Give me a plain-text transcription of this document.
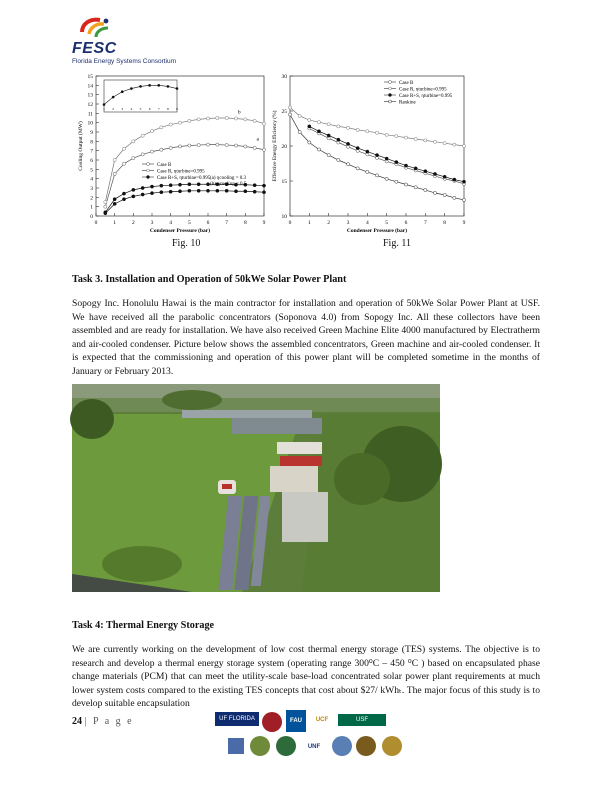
FESC
Florida Energy Systems Consortium
0	1	2	3	4	5	6	7	8	9
0
1
2
3
4
5
6
7
8
9
10
11
12
13
14
15
Condenser Pressure (bar)
Cooling Output (MW)	Case B
Case R, ηturbine=0.995
Case R+S, ηturbine=0.995 (a) ηcooling = 0.3
(b) ηcooling = 0.5
a
b
1 2 3 4 5 6 7 8 9
Fig. 10
0	1	2	3	4	5	6	7	8	9
10
15
20
25
30
Condenser Pressure (bar)
Effective Energy Efficiency (%)
Case B
Case R, ηturbine=0.995
Case R+S, ηturbine=0.995
Rankine
Fig. 11
Task 3. Installation and Operation of 50kWe Solar Power Plant

Sopogy Inc. Honolulu Hawai is the main contractor for installation and operation of 50kWe Solar Power Plant at USF. We have received all the parabolic concentrators (Soponova 4.0) from Sopogy Inc. All these collectors have been assembled and are ready for installation. We have also received Green Machine Elite 4000 manufactured by Electratherm and air-cooled condenser. Picture below shows the assembled concentrators, Green machine and air-cooled condenser. It is expected that the commissioning and operation of this power plant will be completed sometime in the months of January or February 2013.

Task 4: Thermal Energy Storage

We are currently working on the development of low cost thermal energy storage (TES) systems. The objective is to research and develop a thermal energy storage system (operating range 300⁰C – 450 ⁰C ) based on encapsulated phase change materials (PCM) that can meet the utility-scale base-load concentrated solar power plant requirements at much lower system costs compared to the existing TES concepts that cost about $27/ kWhₜ. The major focus of this study is to develop suitable encapsulation

24 | P a g e	UF FLORIDA	FAU UCF	USF
UNF
